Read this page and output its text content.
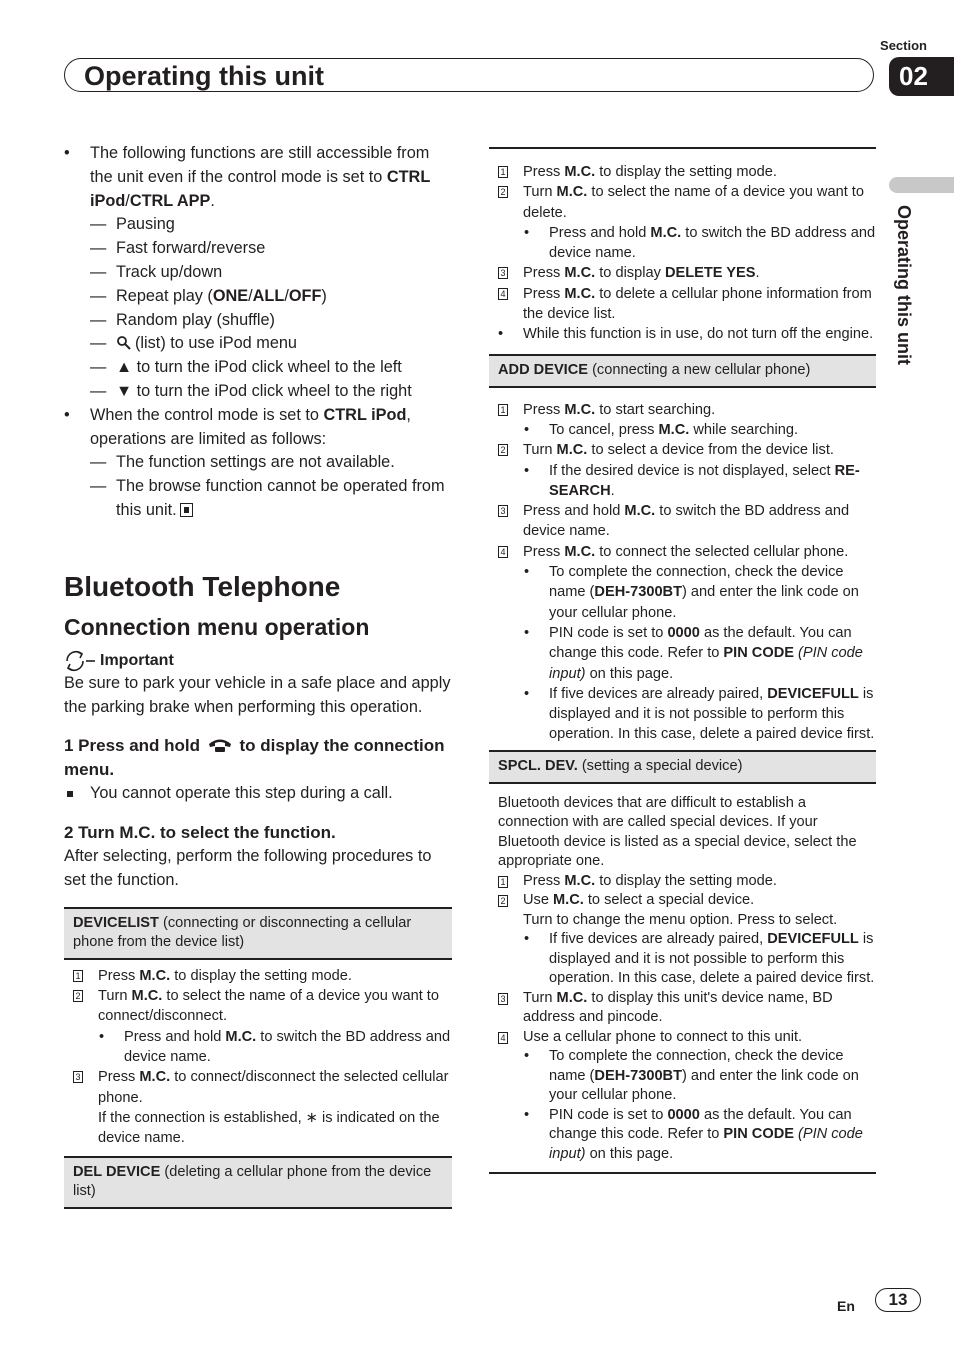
Section
Operating this unit	02
Operating this unit
• The following functions are still accessible from the unit even if the control mode is set to CTRL iPod/CTRL APP.
— Pausing
— Fast forward/reverse
— Track up/down
— Repeat play (ONE/ALL/OFF)
— Random play (shuffle)
— (list) to use iPod menu
— ▲ to turn the iPod click wheel to the left
— ▼ to turn the iPod click wheel to the right
• When the control mode is set to CTRL iPod, operations are limited as follows:
— The function settings are not available.
— The browse function cannot be operated from this unit.
Bluetooth Telephone
Connection menu operation
Important
Be sure to park your vehicle in a safe place and apply the parking brake when performing this operation.
1 Press and hold to display the connection menu.
You cannot operate this step during a call.
2 Turn M.C. to select the function.
After selecting, perform the following procedures to set the function.
DEVICELIST (connecting or disconnecting a cellular phone from the device list)
1 Press M.C. to display the setting mode.
2 Turn M.C. to select the name of a device you want to connect/disconnect.
• Press and hold M.C. to switch the BD address and device name.
3 Press M.C. to connect/disconnect the selected cellular phone.
If the connection is established, ∗ is indicated on the device name.
DEL DEVICE (deleting a cellular phone from the device list)
1 Press M.C. to display the setting mode.
2 Turn M.C. to select the name of a device you want to delete.
• Press and hold M.C. to switch the BD address and device name.
3 Press M.C. to display DELETE YES.
4 Press M.C. to delete a cellular phone information from the device list.
• While this function is in use, do not turn off the engine.
ADD DEVICE (connecting a new cellular phone)
1 Press M.C. to start searching.
• To cancel, press M.C. while searching.
2 Turn M.C. to select a device from the device list.
• If the desired device is not displayed, select RE-SEARCH.
3 Press and hold M.C. to switch the BD address and device name.
4 Press M.C. to connect the selected cellular phone.
• To complete the connection, check the device name (DEH-7300BT) and enter the link code on your cellular phone.
• PIN code is set to 0000 as the default. You can change this code. Refer to PIN CODE (PIN code input) on this page.
• If five devices are already paired, DEVICEFULL is displayed and it is not possible to perform this operation. In this case, delete a paired device first.
SPCL. DEV. (setting a special device)
Bluetooth devices that are difficult to establish a connection with are called special devices. If your Bluetooth device is listed as a special device, select the appropriate one.
1 Press M.C. to display the setting mode.
2 Use M.C. to select a special device.
Turn to change the menu option. Press to select.
• If five devices are already paired, DEVICEFULL is displayed and it is not possible to perform this operation. In this case, delete a paired device first.
3 Turn M.C. to display this unit's device name, BD address and pincode.
4 Use a cellular phone to connect to this unit.
• To complete the connection, check the device name (DEH-7300BT) and enter the link code on your cellular phone.
• PIN code is set to 0000 as the default. You can change this code. Refer to PIN CODE (PIN code input) on this page.
En	13
